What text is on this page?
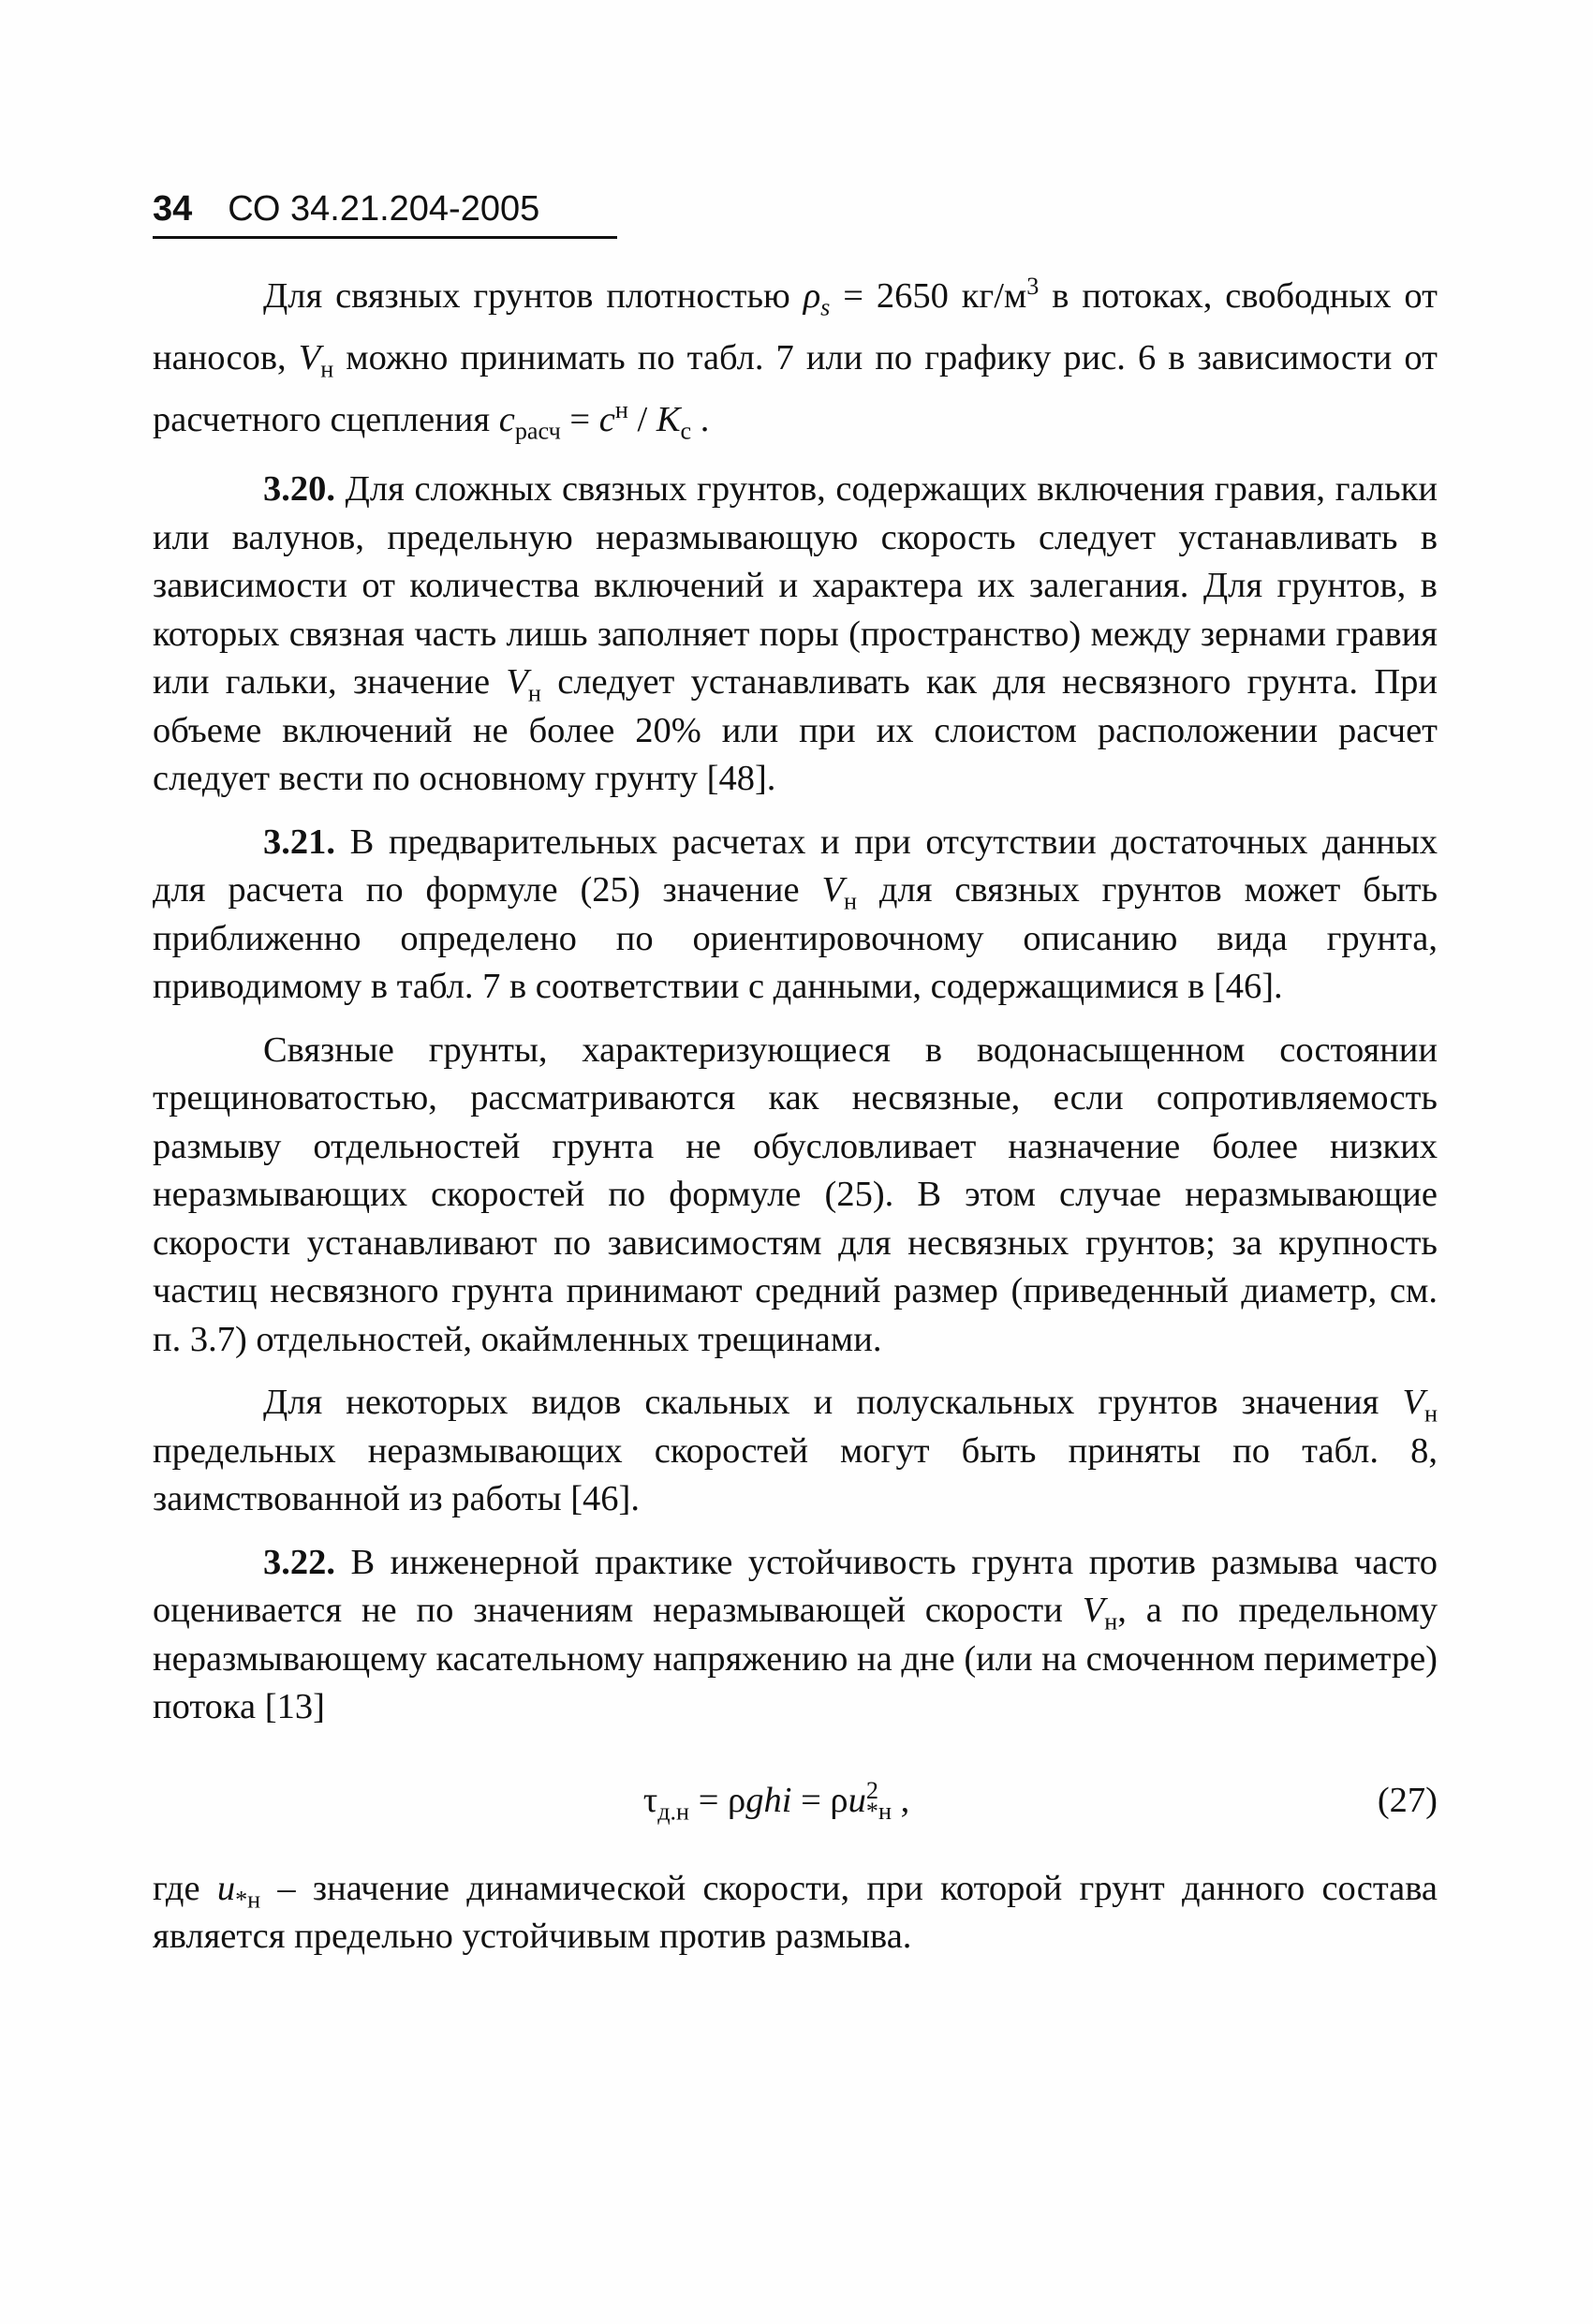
34 СО 34.21.204-2005

Для связных грунтов плотностью $\rho_s = 2650$ $кг/м^3$ в потоках, свободных от наносов, $V_н$ можно принимать по табл. 7 или по графику рис. 6 в зависимости от расчетного сцепления $c_{расч} = c^н / K_с$ .

3.20. Для сложных связных грунтов, содержащих включения гравия, гальки или валунов, предельную неразмывающую скорость следует устанавливать в зависимости от количества включений и характера их залегания. Для грунтов, в которых связная часть лишь заполняет поры (пространство) между зернами гравия или гальки, значение $V_н$ следует устанавливать как для несвязного грунта. При объеме включений не более 20% или при их слоистом расположении расчет следует вести по основному грунту [48].

3.21. В предварительных расчетах и при отсутствии достаточных данных для расчета по формуле (25) значение $V_н$ для связных грунтов может быть приближенно определено по ориентировочному описанию вида грунта, приводимому в табл. 7 в соответствии с данными, содержащимися в [46].

Связные грунты, характеризующиеся в водонасыщенном состоянии трещиноватостью, рассматриваются как несвязные, если сопротивляемость размыву отдельностей грунта не обусловливает назначение более низких неразмывающих скоростей по формуле (25). В этом случае неразмывающие скорости устанавливают по зависимостям для несвязных грунтов; за крупность частиц несвязного грунта принимают средний размер (приведенный диаметр, см. п. 3.7) отдельностей, окаймленных трещинами.

Для некоторых видов скальных и полускальных грунтов значения $V_н$ предельных неразмывающих скоростей могут быть приняты по табл. 8, заимствованной из работы [46].

3.22. В инженерной практике устойчивость грунта против размыва часто оценивается не по значениям неразмывающей скорости $V_н$, а по предельному неразмывающему касательному напряжению на дне (или на смоченном периметре) потока [13]

$\tau_{д.н} = \rho ghi = \rho u^2_{*н}$ ,	(27)

где $u_{*н}$ – значение динамической скорости, при которой грунт данного состава является предельно устойчивым против размыва.
